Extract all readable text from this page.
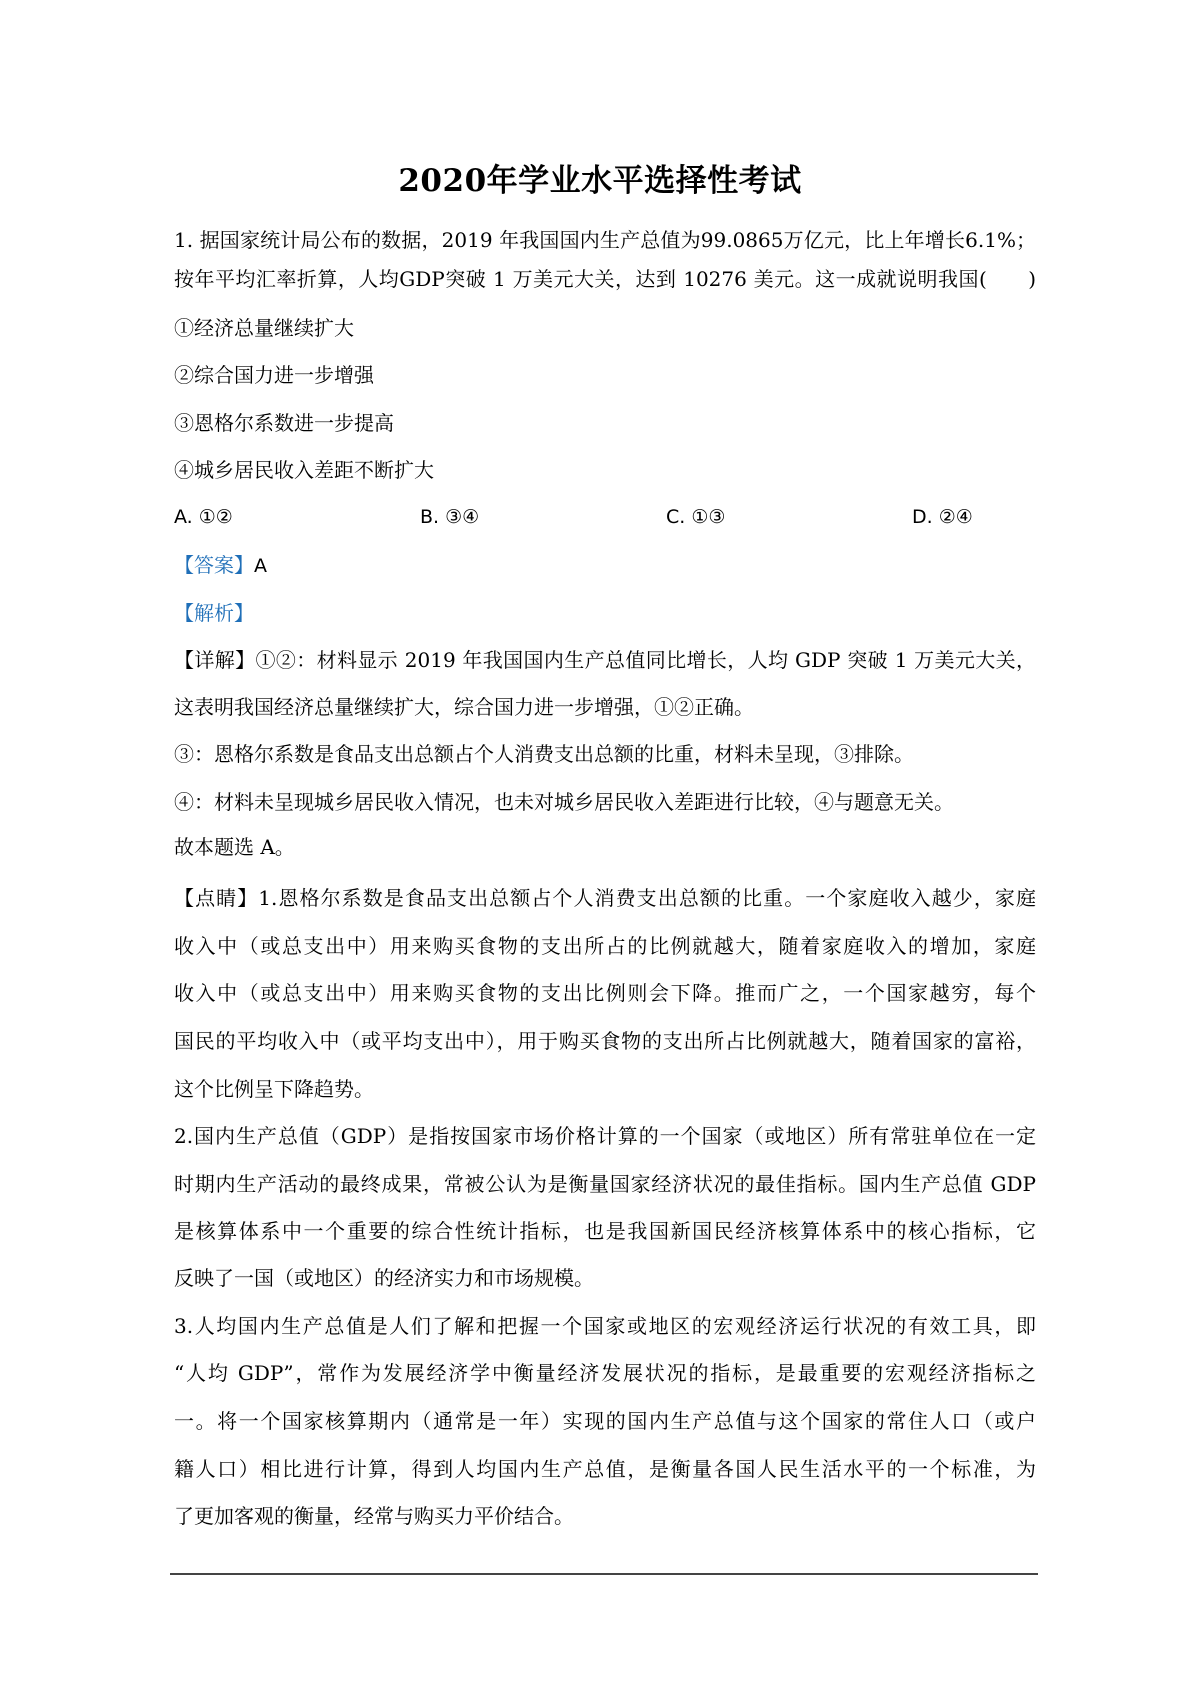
2020年学业水平选择性考试
1. 据国家统计局公布的数据，2019 年我国国内生产总值为99.0865万亿元，比上年增长6.1%；
按年平均汇率折算，人均GDP突破 1 万美元大关，达到 10276 美元。这一成就说明我国(　　)
①经济总量继续扩大
②综合国力进一步增强
③恩格尔系数进一步提高
④城乡居民收入差距不断扩大
A. ①②	B. ③④	C. ①③	D. ②④
【答案】A
【解析】
【详解】①②：材料显示 2019 年我国国内生产总值同比增长，人均 GDP 突破 1 万美元大关，
这表明我国经济总量继续扩大，综合国力进一步增强，①②正确。
③：恩格尔系数是食品支出总额占个人消费支出总额的比重，材料未呈现，③排除。
④：材料未呈现城乡居民收入情况，也未对城乡居民收入差距进行比较，④与题意无关。
故本题选 A。
【点睛】1.恩格尔系数是食品支出总额占个人消费支出总额的比重。一个家庭收入越少，家庭
收入中（或总支出中）用来购买食物的支出所占的比例就越大，随着家庭收入的增加，家庭
收入中（或总支出中）用来购买食物的支出比例则会下降。推而广之，一个国家越穷，每个
国民的平均收入中（或平均支出中），用于购买食物的支出所占比例就越大，随着国家的富裕，
这个比例呈下降趋势。
2.国内生产总值（GDP）是指按国家市场价格计算的一个国家（或地区）所有常驻单位在一定
时期内生产活动的最终成果，常被公认为是衡量国家经济状况的最佳指标。国内生产总值 GDP
是核算体系中一个重要的综合性统计指标，也是我国新国民经济核算体系中的核心指标，它
反映了一国（或地区）的经济实力和市场规模。
3.人均国内生产总值是人们了解和把握一个国家或地区的宏观经济运行状况的有效工具，即
“人均 GDP”，常作为发展经济学中衡量经济发展状况的指标，是最重要的宏观经济指标之
一。将一个国家核算期内（通常是一年）实现的国内生产总值与这个国家的常住人口（或户
籍人口）相比进行计算，得到人均国内生产总值，是衡量各国人民生活水平的一个标准，为
了更加客观的衡量，经常与购买力平价结合。
